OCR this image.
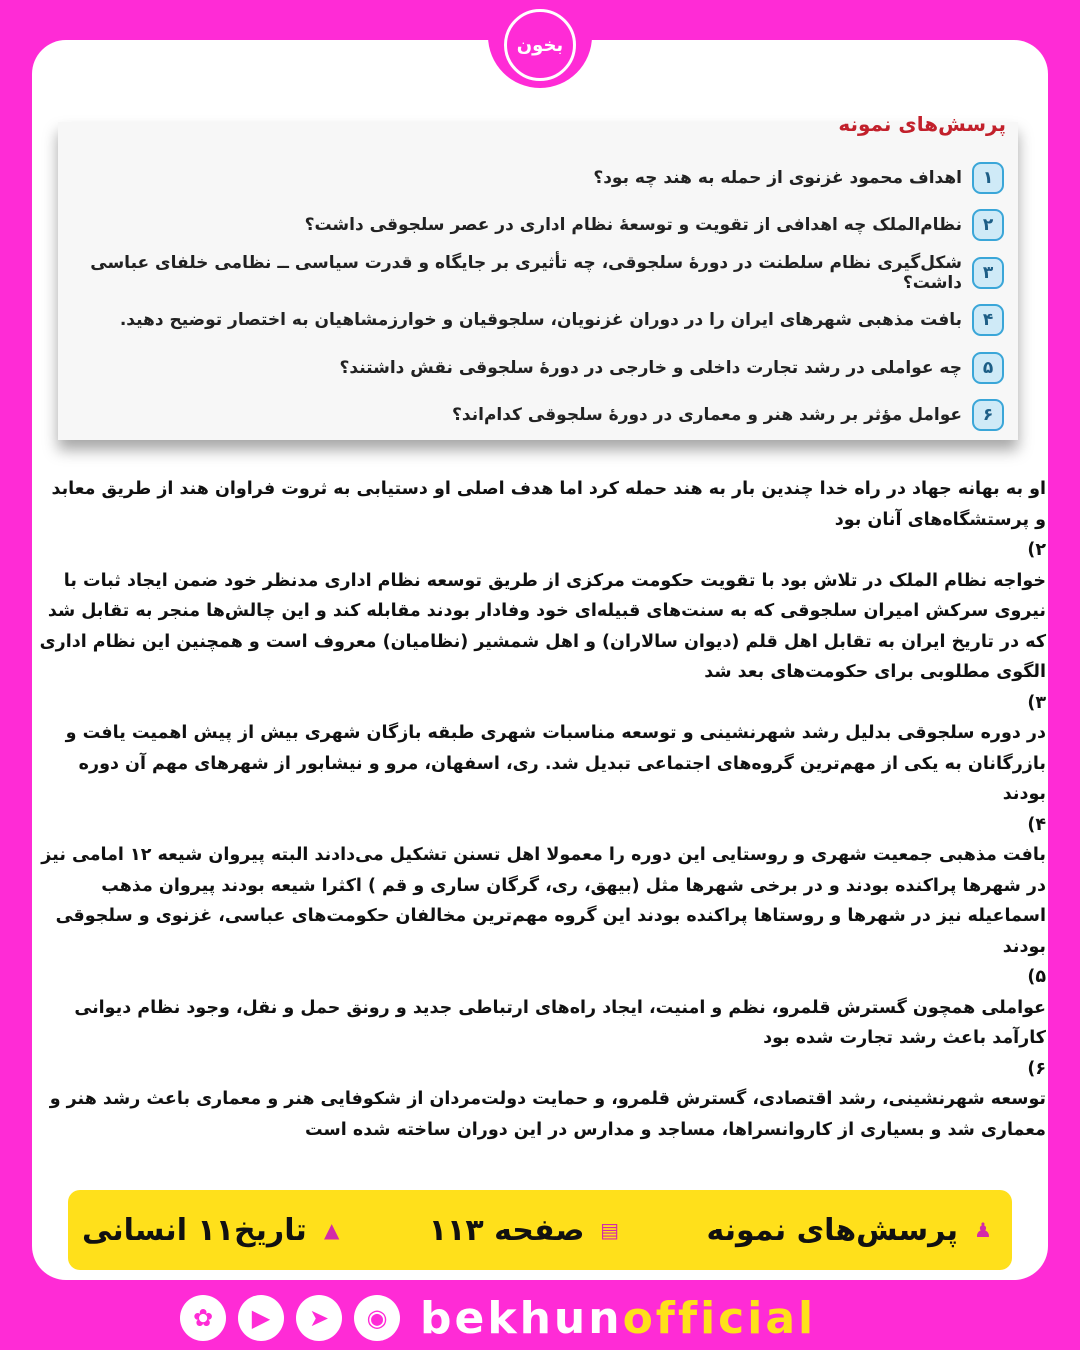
بخون
پرسش‌های نمونه
۱
اهداف محمود غزنوی از حمله به هند چه بود؟
۲
نظام‌الملک چه اهدافی از تقویت و توسعهٔ نظام اداری در عصر سلجوقی داشت؟
۳
شکل‌گیری نظام سلطنت در دورهٔ سلجوقی، چه تأثیری بر جایگاه و قدرت سیاسی ــ نظامی خلفای عباسی داشت؟
۴
بافت مذهبی شهرهای ایران را در دوران غزنویان، سلجوقیان و خوارزمشاهیان به اختصار توضیح دهید.
۵
چه عواملی در رشد تجارت داخلی و خارجی در دورهٔ سلجوقی نقش داشتند؟
۶
عوامل مؤثر بر رشد هنر و معماری در دورهٔ سلجوقی کدام‌اند؟

او به بهانه جهاد در راه خدا چندین بار به هند حمله کرد اما هدف اصلی او دستیابی به ثروت فراوان هند از طریق معابد و پرستشگاه‌های آنان بود

۲)

خواجه نظام الملک در تلاش بود با تقویت حکومت مرکزی از طریق توسعه نظام اداری مدنظر خود ضمن ایجاد ثبات با نیروی سرکش امیران سلجوقی که به سنت‌های قبیله‌ای خود وفادار بودند مقابله کند و این چالش‌ها منجر به تقابل شد که در تاریخ ایران به تقابل اهل قلم (دیوان سالاران) و اهل شمشیر (نظامیان) معروف است و همچنین این نظام اداری الگوی مطلوبی برای حکومت‌های بعد شد

۳)

در دوره سلجوقی بدلیل رشد شهرنشینی و توسعه مناسبات شهری طبقه بازگان شهری بیش از پیش اهمیت یافت و بازرگانان به یکی از مهم‌ترین گروه‌های اجتماعی تبدیل شد. ری، اسفهان، مرو و نیشابور از شهرهای مهم آن دوره بودند

۴)

بافت مذهبی جمعیت شهری و روستایی این دوره را معمولا اهل تسنن تشکیل می‌دادند البته پیروان شیعه ۱۲ امامی نیز در شهرها پراکنده بودند و در برخی شهرها مثل (بیهق، ری، گرگان ساری و قم ) اکثرا شیعه بودند پیروان مذهب اسماعیله نیز در شهرها و روستاها پراکنده بودند این گروه مهم‌ترین مخالفان حکومت‌های عباسی، غزنوی و سلجوقی بودند

۵)

عواملی همچون گسترش قلمرو، نظم و امنیت، ایجاد راه‌های ارتباطی جدید و رونق حمل و نقل، وجود نظام دیوانی کارآمد باعث رشد تجارت شده بود

۶)

توسعه شهرنشینی، رشد اقتصادی، گسترش قلمرو، و حمایت دولت‌مردان از شکوفایی هنر و معماری باعث رشد هنر و معماری شد و بسیاری از کاروانسراها، مساجد و مدارس در این دوران ساخته شده است

♟
پرسش‌های نمونه
▤
صفحه ۱۱۳
▲
تاریخ۱۱ انسانی
✿	▶	➤	◉ bekhunofficial
